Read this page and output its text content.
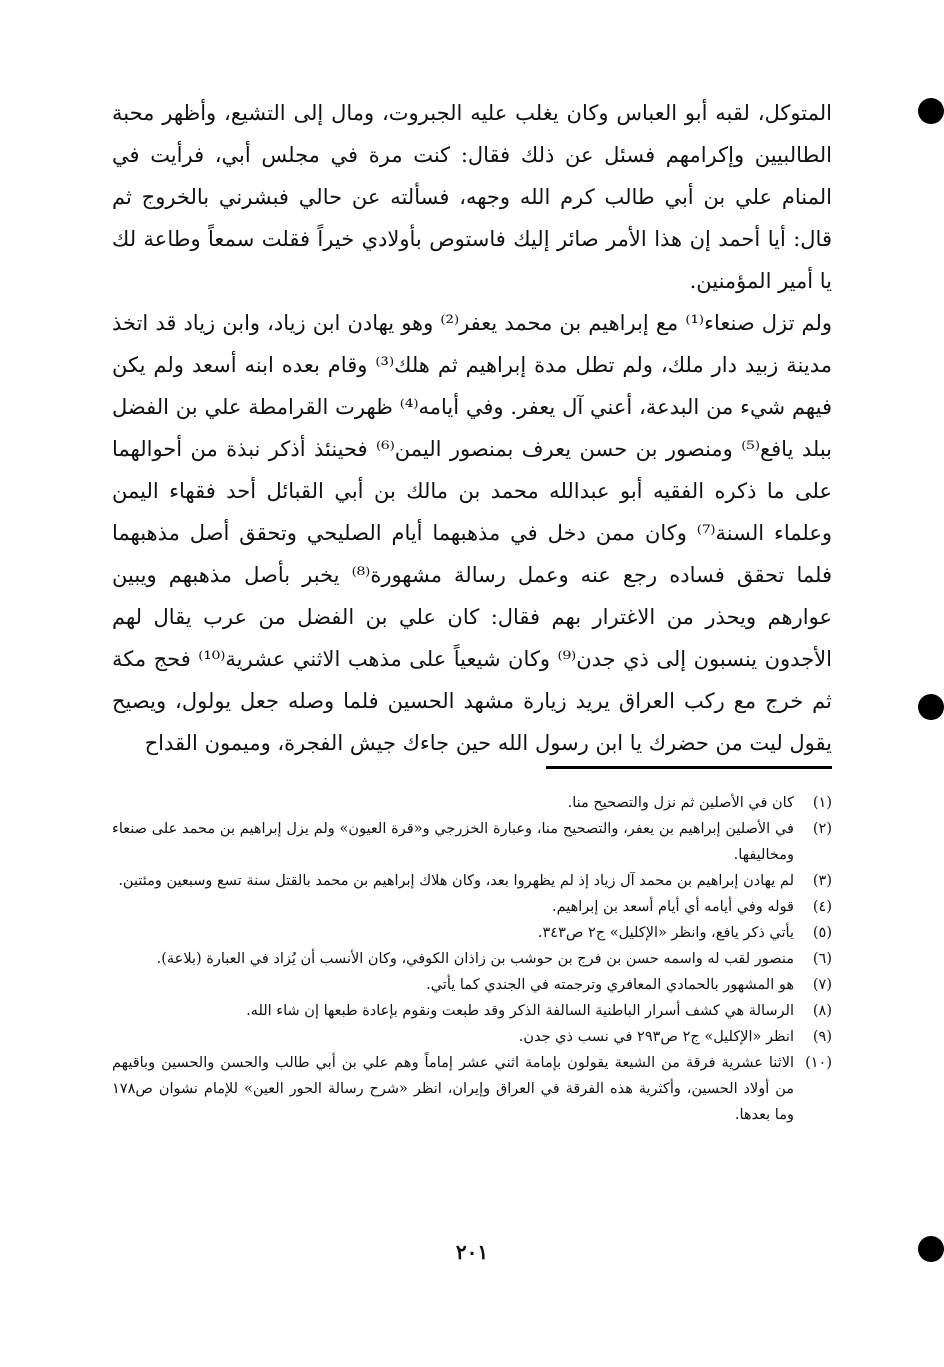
المتوكل، لقبه أبو العباس وكان يغلب عليه الجبروت، ومال إلى التشيع، وأظهر محبة الطالبيين وإكرامهم فسئل عن ذلك فقال: كنت مرة في مجلس أبي، فرأيت في المنام علي بن أبي طالب كرم الله وجهه، فسألته عن حالي فبشرني بالخروج ثم قال: أيا أحمد إن هذا الأمر صائر إليك فاستوص بأولادي خيراً فقلت سمعاً وطاعة لك يا أمير المؤمنين.

ولم تزل صنعاء⁽¹⁾ مع إبراهيم بن محمد يعفر⁽²⁾ وهو يهادن ابن زياد، وابن زياد قد اتخذ مدينة زبيد دار ملك، ولم تطل مدة إبراهيم ثم هلك⁽³⁾ وقام بعده ابنه أسعد ولم يكن فيهم شيء من البدعة، أعني آل يعفر. وفي أيامه⁽⁴⁾ ظهرت القرامطة علي بن الفضل ببلد يافع⁽⁵⁾ ومنصور بن حسن يعرف بمنصور اليمن⁽⁶⁾ فحينئذ أذكر نبذة من أحوالهما على ما ذكره الفقيه أبو عبدالله محمد بن مالك بن أبي القبائل أحد فقهاء اليمن وعلماء السنة⁽⁷⁾ وكان ممن دخل في مذهبهما أيام الصليحي وتحقق أصل مذهبهما فلما تحقق فساده رجع عنه وعمل رسالة مشهورة⁽⁸⁾ يخبر بأصل مذهبهم ويبين عوارهم ويحذر من الاغترار بهم فقال: كان علي بن الفضل من عرب يقال لهم الأجدون ينسبون إلى ذي جدن⁽⁹⁾ وكان شيعياً على مذهب الاثني عشرية⁽¹⁰⁾ فحج مكة ثم خرج مع ركب العراق يريد زيارة مشهد الحسين فلما وصله جعل يولول، ويصيح يقول ليت من حضرك يا ابن رسول الله حين جاءك جيش الفجرة، وميمون القداح

(١)
كان في الأصلين ثم نزل والتصحيح منا.
(٢)
في الأصلين إبراهيم بن يعفر، والتصحيح منا، وعبارة الخزرجي و«قرة العيون» ولم يزل إبراهيم بن محمد على صنعاء ومخاليفها.
(٣)
لم يهادن إبراهيم بن محمد آل زياد إذ لم يظهروا بعد، وكان هلاك إبراهيم بن محمد بالقتل سنة تسع وسبعين ومئتين.
(٤)
قوله وفي أيامه أي أيام أسعد بن إبراهيم.
(٥)
يأتي ذكر يافع، وانظر «الإكليل» ج٢ ص٣٤٣.
(٦)
منصور لقب له واسمه حسن بن فرج بن حوشب بن زاذان الكوفي، وكان الأنسب أن يُزاد في العبارة (بلاعة).
(٧)
هو المشهور بالحمادي المعافري وترجمته في الجندي كما يأتي.
(٨)
الرسالة هي كشف أسرار الباطنية السالفة الذكر وقد طبعت ونقوم بإعادة طبعها إن شاء الله.
(٩)
انظر «الإكليل» ج٢ ص٢٩٣ في نسب ذي جدن.
(١٠)
الاثنا عشرية فرقة من الشيعة يقولون بإمامة اثني عشر إماماً وهم علي بن أبي طالب والحسن والحسين وباقيهم من أولاد الحسين، وأكثرية هذه الفرقة في العراق وإيران، انظر «شرح رسالة الحور العين» للإمام نشوان ص١٧٨ وما بعدها.
٢٠١
